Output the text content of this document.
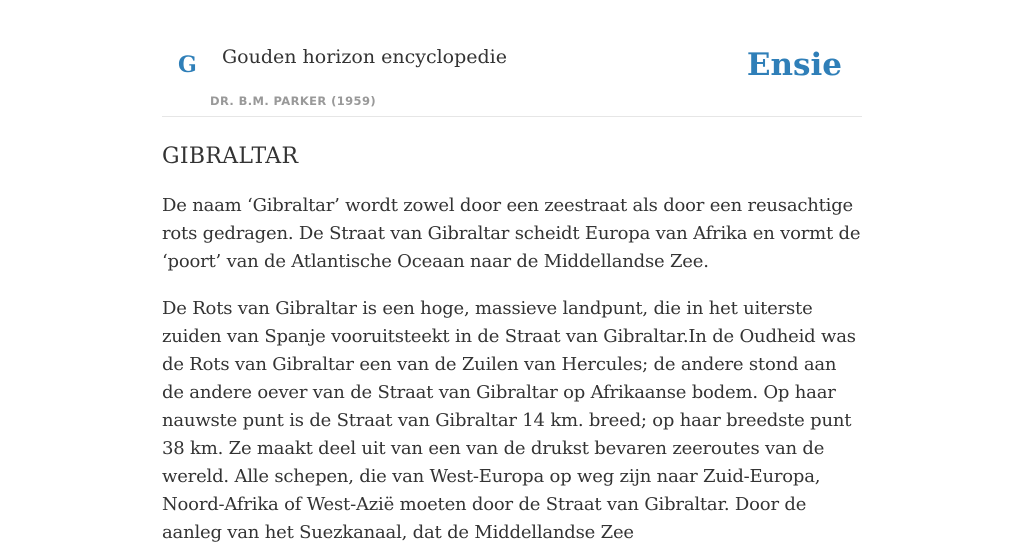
G Gouden horizon encyclopedie
DR. B.M. PARKER (1959)
Ensie
GIBRALTAR

De naam ‘Gibraltar’ wordt zowel door een zeestraat als door een reusachtige rots gedragen. De Straat van Gibraltar scheidt Europa van Afrika en vormt de ‘poort’ van de Atlantische Oceaan naar de Middellandse Zee.

De Rots van Gibraltar is een hoge, massieve landpunt, die in het uiterste zuiden van Spanje vooruitsteekt in de Straat van Gibraltar.In de Oudheid was de Rots van Gibraltar een van de Zuilen van Hercules; de andere stond aan de andere oever van de Straat van Gibraltar op Afrikaanse bodem. Op haar nauwste punt is de Straat van Gibraltar 14 km. breed; op haar breedste punt 38 km. Ze maakt deel uit van een van de drukst bevaren zeeroutes van de wereld. Alle schepen, die van West-Europa op weg zijn naar Zuid-Europa, Noord-Afrika of West-Azië moeten door de Straat van Gibraltar. Door de aanleg van het Suezkanaal, dat de Middellandse Zee
